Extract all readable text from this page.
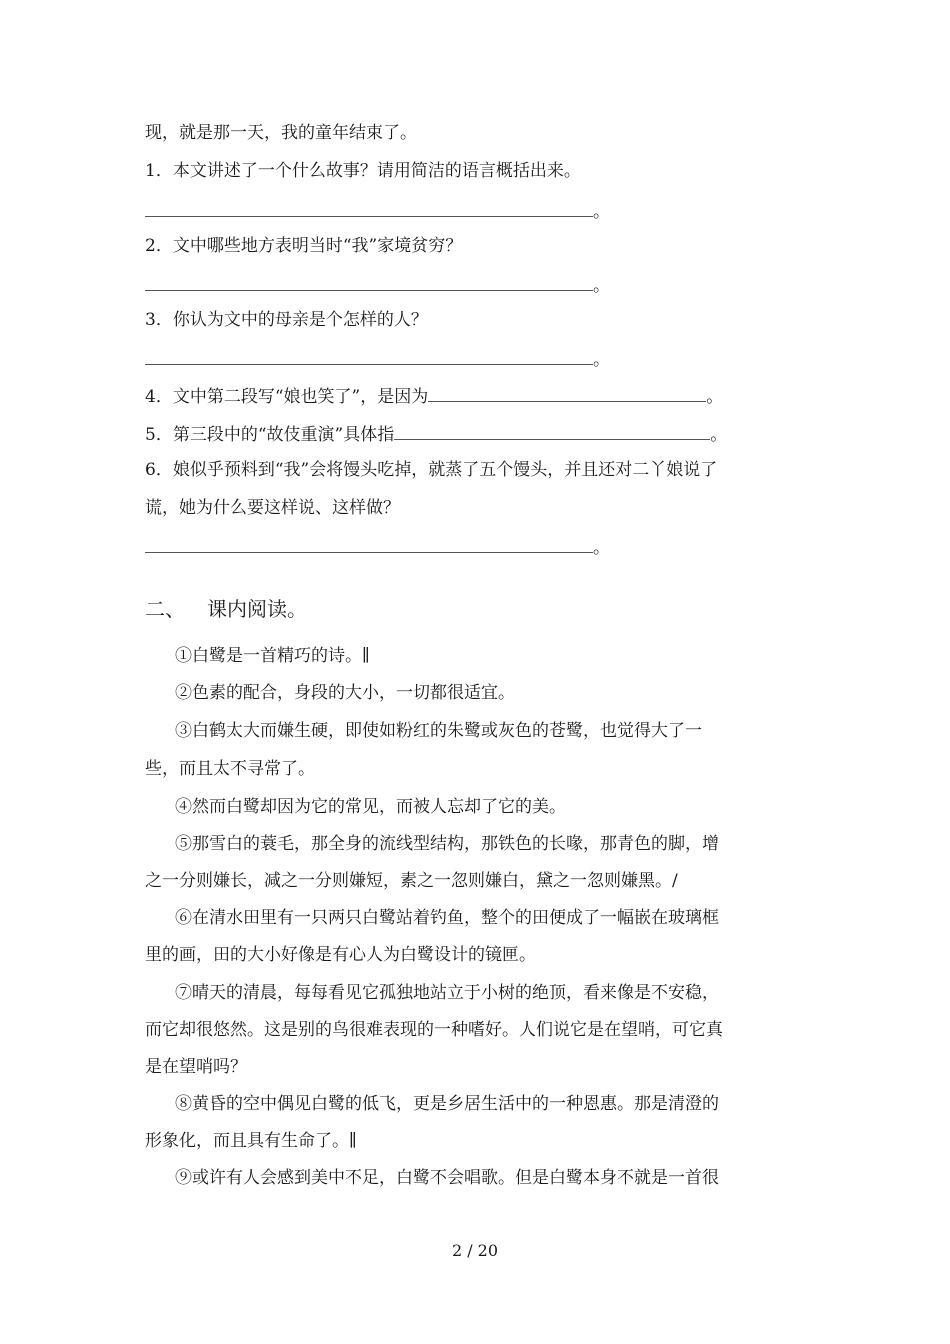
现，就是那一天，我的童年结束了。
1．本文讲述了一个什么故事？请用简洁的语言概括出来。
。
2．文中哪些地方表明当时“我”家境贫穷？
。
3．你认为文中的母亲是个怎样的人？
。
4．文中第二段写“娘也笑了”，是因为	。
5．第三段中的“故伎重演”具体指	。
6．娘似乎预料到“我”会将馒头吃掉，就蒸了五个馒头，并且还对二丫娘说了
谎，她为什么要这样说、这样做？
。
二、 课内阅读。
①白鹭是一首精巧的诗。∥
②色素的配合，身段的大小，一切都很适宜。
③白鹤太大而嫌生硬，即使如粉红的朱鹭或灰色的苍鹭，也觉得大了一
些，而且太不寻常了。
④然而白鹭却因为它的常见，而被人忘却了它的美。
⑤那雪白的蓑毛，那全身的流线型结构，那铁色的长喙，那青色的脚，增
之一分则嫌长，减之一分则嫌短，素之一忽则嫌白，黛之一忽则嫌黑。/
⑥在清水田里有一只两只白鹭站着钓鱼，整个的田便成了一幅嵌在玻璃框
里的画，田的大小好像是有心人为白鹭设计的镜匣。
⑦晴天的清晨，每每看见它孤独地站立于小树的绝顶，看来像是不安稳，
而它却很悠然。这是别的鸟很难表现的一种嗜好。人们说它是在望哨，可它真
是在望哨吗？
⑧黄昏的空中偶见白鹭的低飞，更是乡居生活中的一种恩惠。那是清澄的
形象化，而且具有生命了。∥
⑨或许有人会感到美中不足，白鹭不会唱歌。但是白鹭本身不就是一首很
2 / 20
